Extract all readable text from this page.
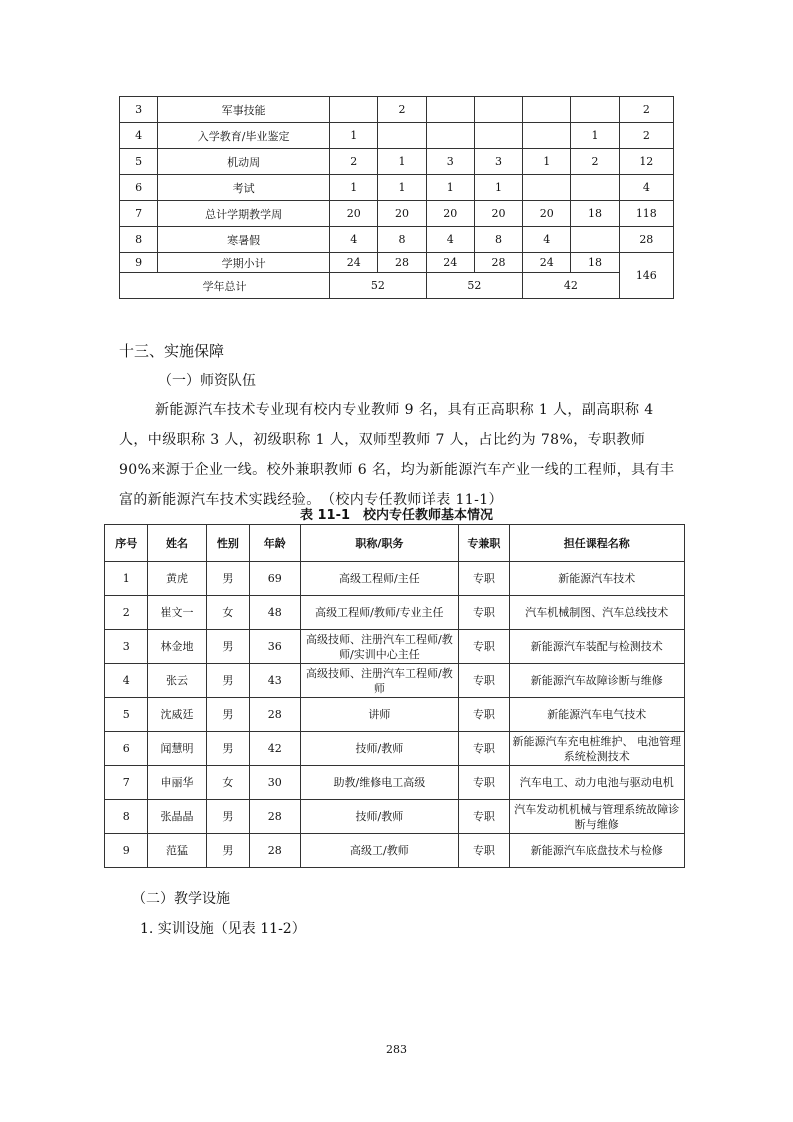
3	军事技能		2					2
4	入学教育/毕业鉴定	1					1	2
5	机动周	2	1	3	3	1	2	12
6	考试	1	1	1	1			4
7	总计学期教学周	20	20	20	20	20	18	118
8	寒暑假	4	8	4	8	4		28
9	学期小计	24	28	24	28	24	18	146
学年总计		52		52		42		
十三、实施保障
（一）师资队伍
新能源汽车技术专业现有校内专业教师 9 名，具有正高职称 1 人，副高职称 4 人，中级职称 3 人，初级职称 1 人，双师型教师 7 人，占比约为 78%，专职教师 90%来源于企业一线。校外兼职教师 6 名，均为新能源汽车产业一线的工程师，具有丰富的新能源汽车技术实践经验。　（校内专任教师详表 11-1）
表 11-1　校内专任教师基本情况
序号	姓名	性别	年龄	职称/职务	专兼职	担任课程名称
1	黄虎	男	69	高级工程师/主任	专职	新能源汽车技术
2	崔文一	女	48	高级工程师/教师/专业主任	专职	汽车机械制图、汽车总线技术
3	林金地	男	36	高级技师、注册汽车工程师/教师/实训中心主任	专职	新能源汽车装配与检测技术
4	张云	男	43	高级技师、注册汽车工程师/教师	专职	新能源汽车故障诊断与维修
5	沈威廷	男	28	讲师	专职	新能源汽车电气技术
6	闻慧明	男	42	技师/教师	专职	新能源汽车充电桩维护、 电池管理系统检测技术
7	申丽华	女	30	助教/维修电工高级	专职	汽车电工、动力电池与驱动电机
8	张晶晶	男	28	技师/教师	专职	汽车发动机机械与管理系统故障诊断与维修
9	范猛	男	28	高级工/教师	专职	新能源汽车底盘技术与检修
（二）教学设施
1. 实训设施（见表 11-2）
283
